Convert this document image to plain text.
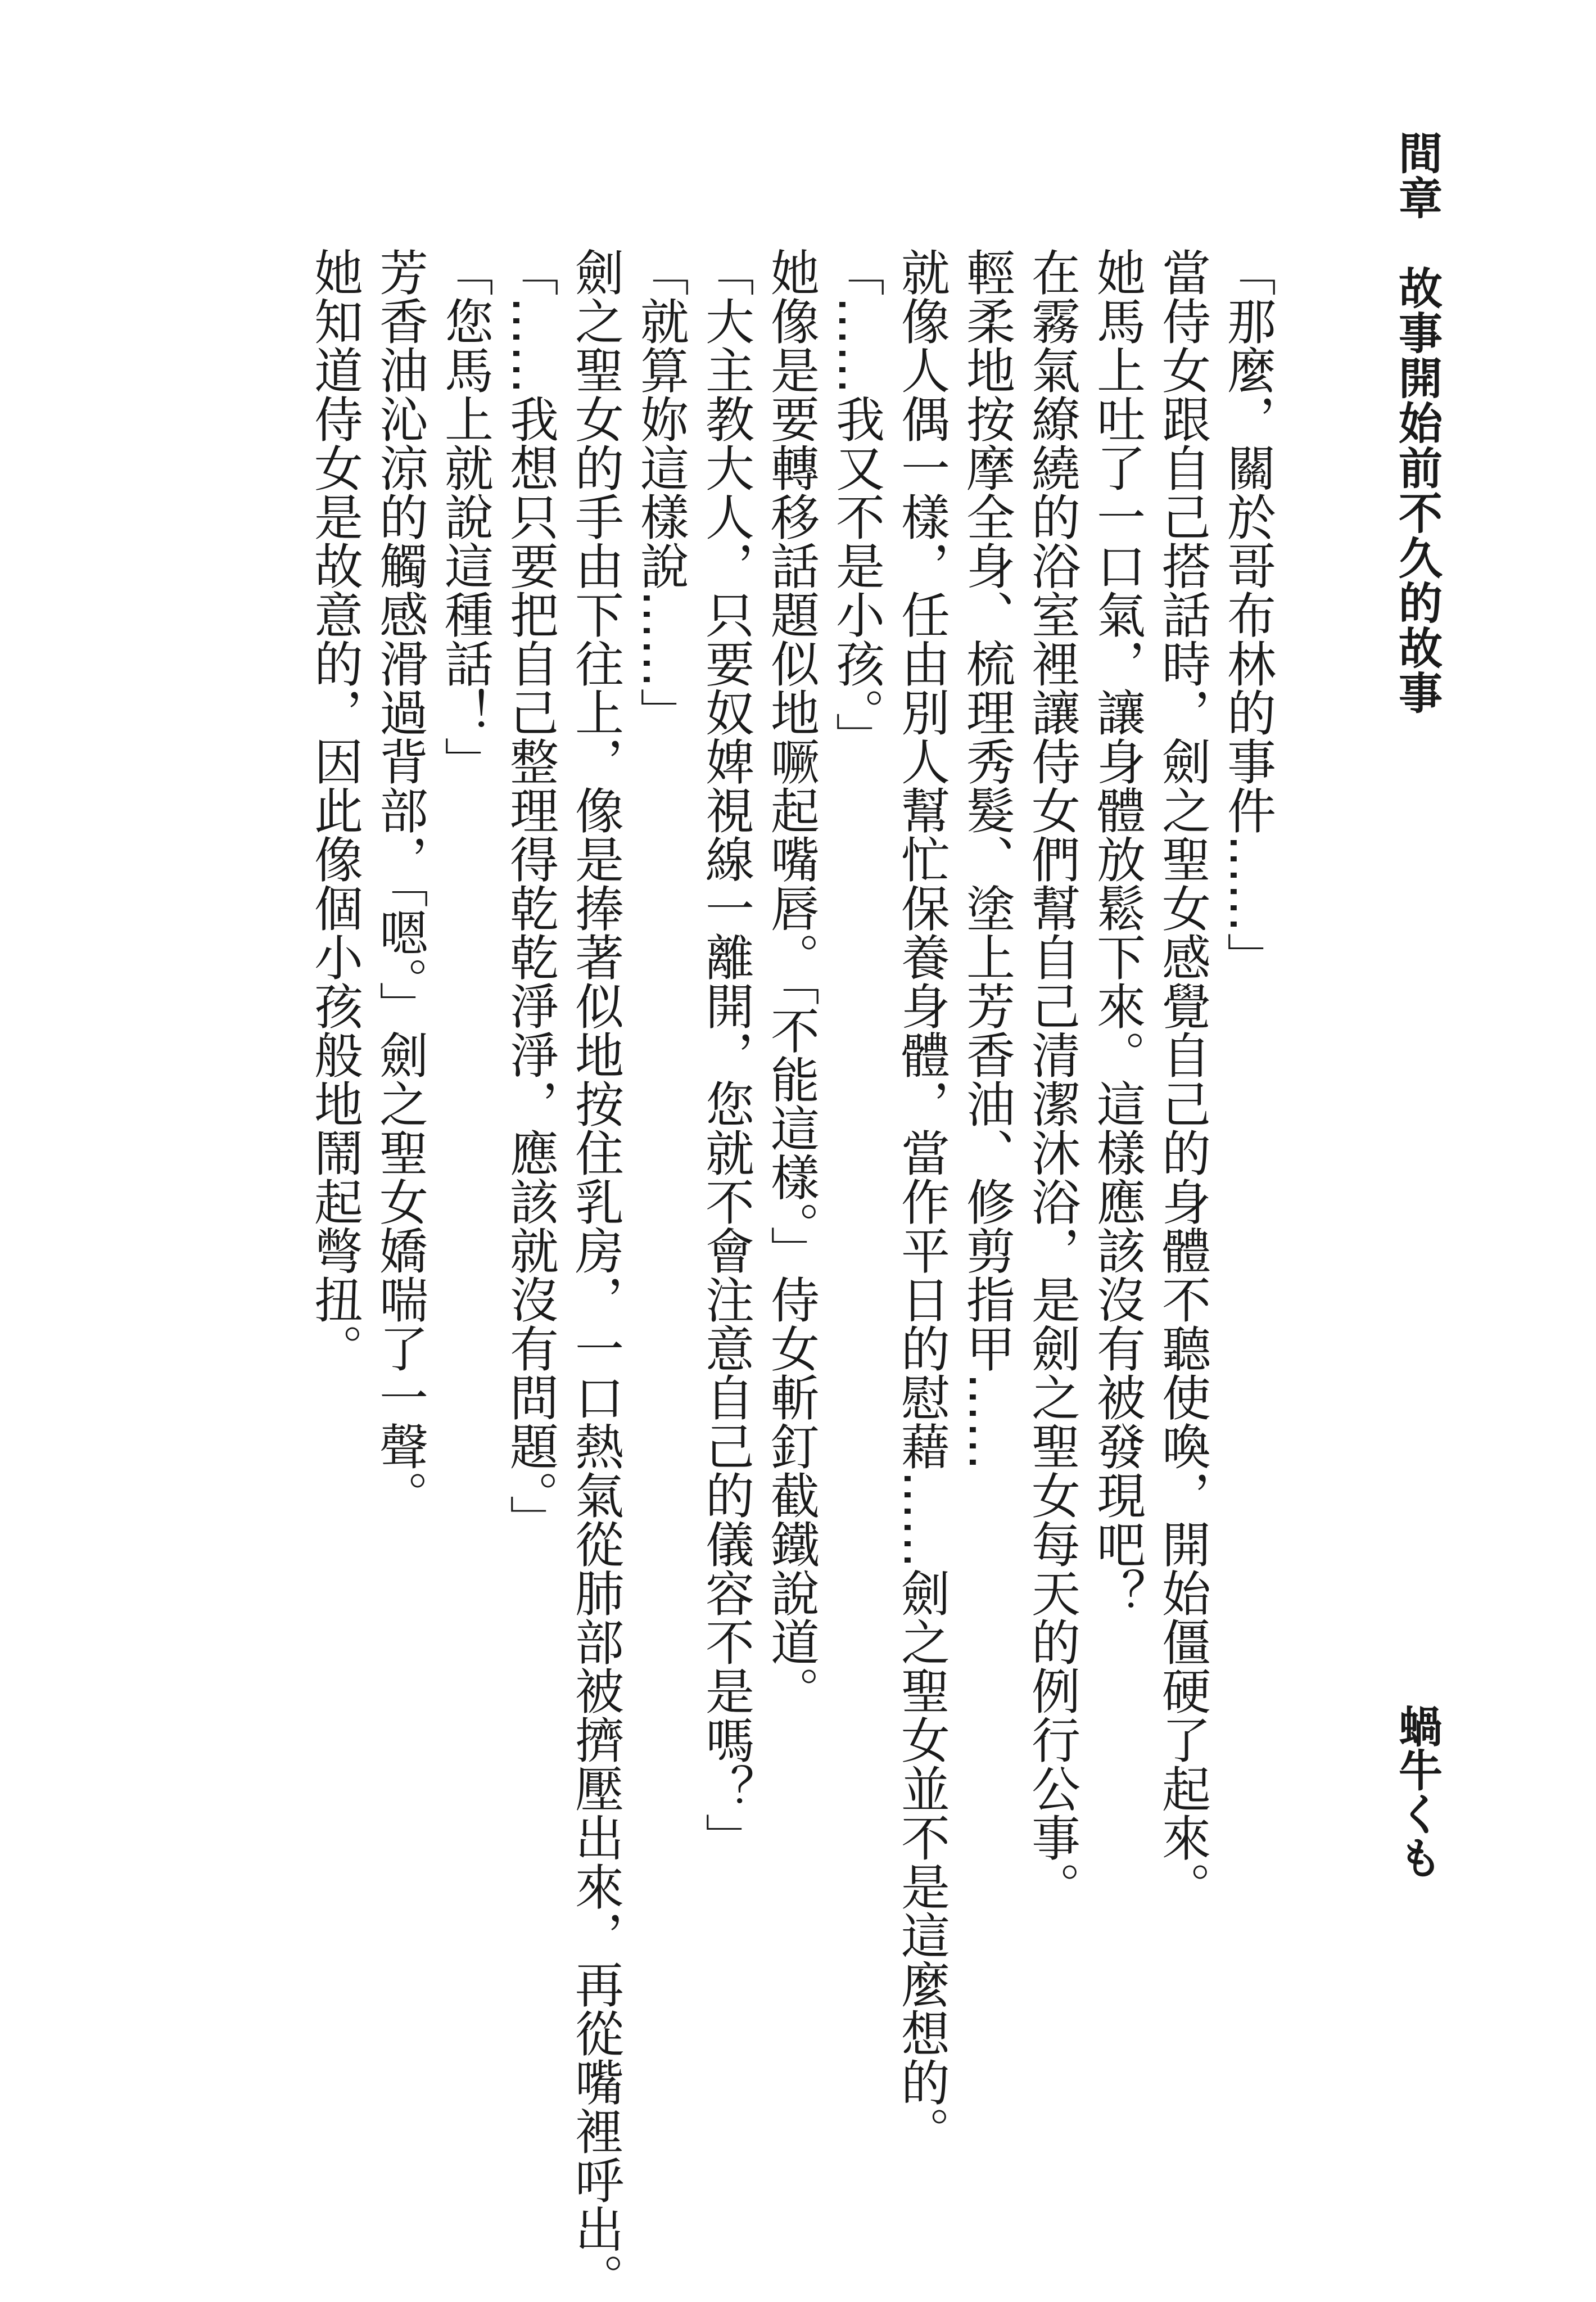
間章　故事開始前不久的故事
蝸牛くも
「那麼，關於哥布林的事件……」
當侍女跟自己搭話時，劍之聖女感覺自己的身體不聽使喚，開始僵硬了起來。
她馬上吐了一口氣，讓身體放鬆下來。這樣應該沒有被發現吧？
在霧氣繚繞的浴室裡讓侍女們幫自己清潔沐浴，是劍之聖女每天的例行公事。
輕柔地按摩全身、梳理秀髮、塗上芳香油、修剪指甲……
就像人偶一樣，任由別人幫忙保養身體，當作平日的慰藉……劍之聖女並不是這麼想的。
「……我又不是小孩。」
她像是要轉移話題似地噘起嘴唇。「不能這樣。」侍女斬釘截鐵說道。
「大主教大人，只要奴婢視線一離開，您就不會注意自己的儀容不是嗎？」
「就算妳這樣說……」
劍之聖女的手由下往上，像是捧著似地按住乳房，一口熱氣從肺部被擠壓出來，再從嘴裡呼出。
「……我想只要把自己整理得乾乾淨淨，應該就沒有問題。」
「您馬上就說這種話！」
芳香油沁涼的觸感滑過背部，「嗯。」劍之聖女嬌喘了一聲。
她知道侍女是故意的，因此像個小孩般地鬧起彆扭。
